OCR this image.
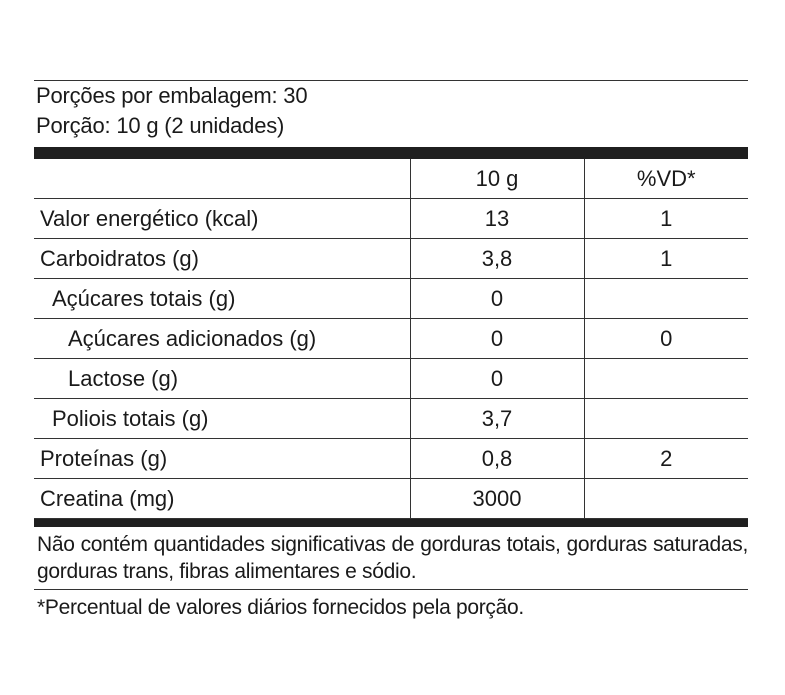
Porções por embalagem: 30
Porção: 10 g (2 unidades)
	10 g	%VD*
Valor energético (kcal)	13	1
Carboidratos (g)	3,8	1
Açúcares totais (g)	0	
Açúcares adicionados (g)	0	0
Lactose (g)	0	
Poliois totais (g)	3,7	
Proteínas (g)	0,8	2
Creatina (mg)	3000	
Não contém quantidades significativas de gorduras totais, gorduras saturadas, gorduras trans, fibras alimentares e sódio.
*Percentual de valores diários fornecidos pela porção.
